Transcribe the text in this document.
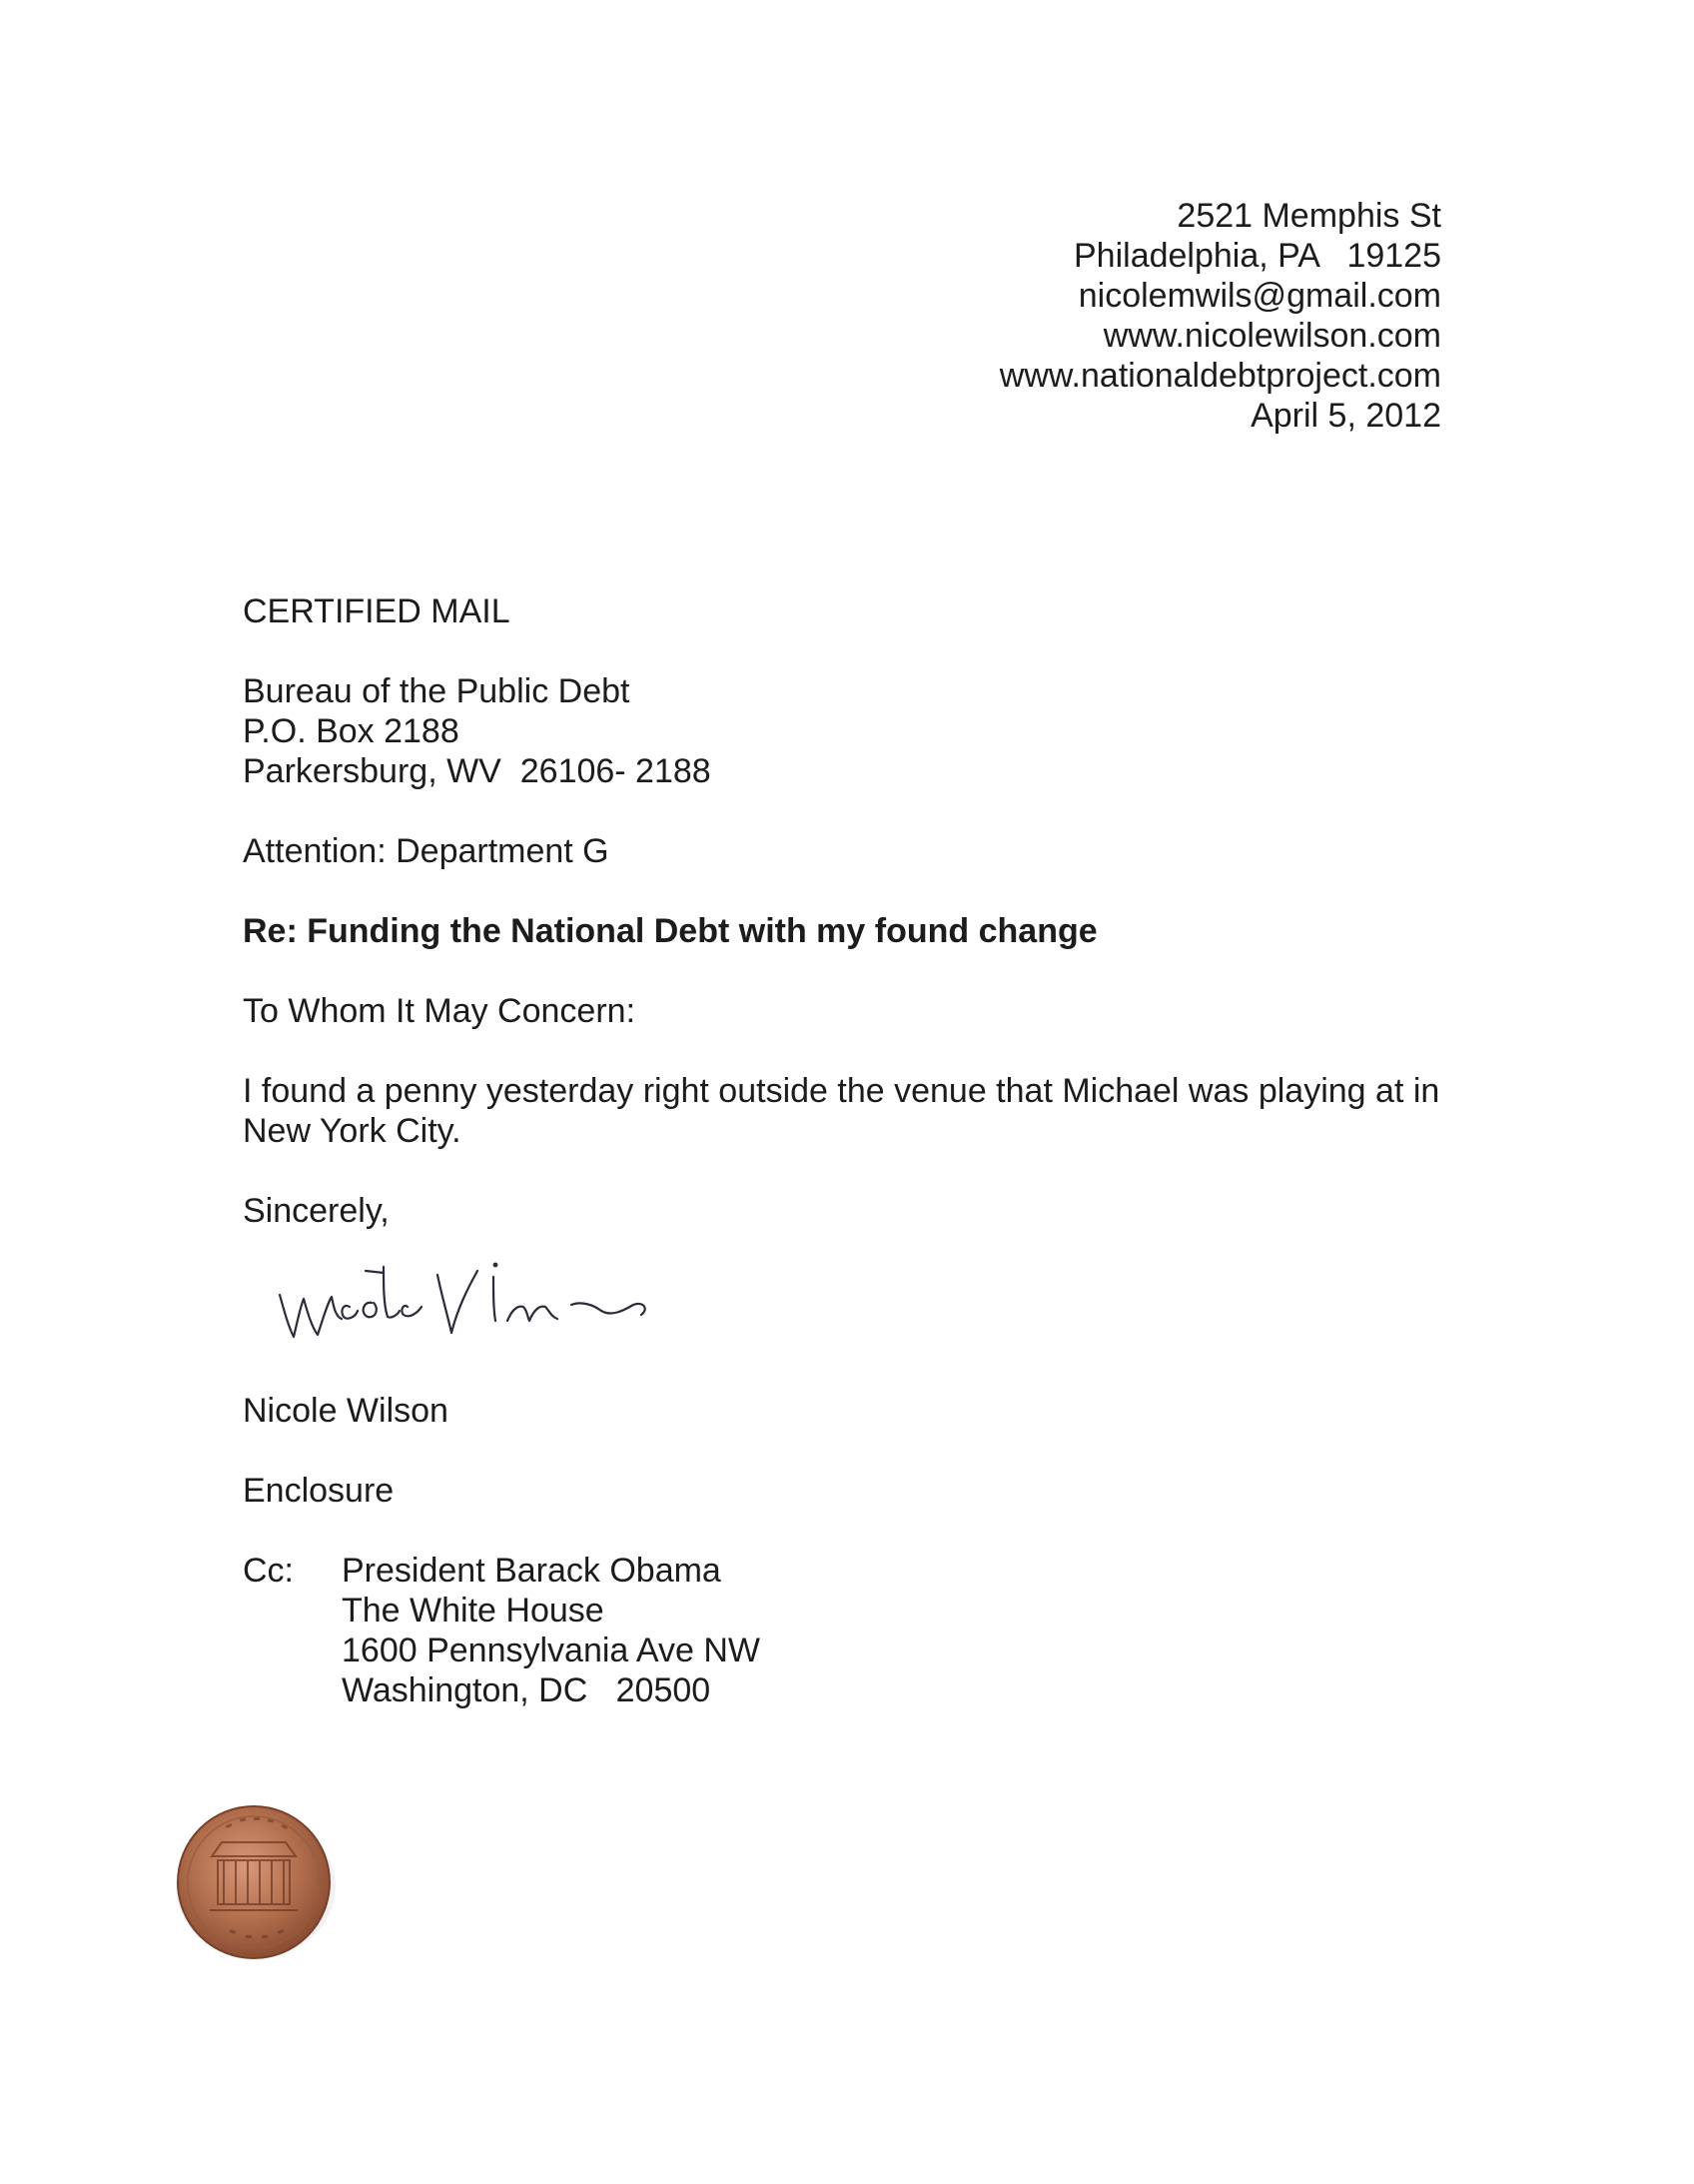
2521 Memphis St
Philadelphia, PA   19125
nicolemwils@gmail.com
www.nicolewilson.com
www.nationaldebtproject.com
April 5, 2012
CERTIFIED MAIL
Bureau of the Public Debt
P.O. Box 2188
Parkersburg, WV  26106- 2188
Attention: Department G
Re: Funding the National Debt with my found change
To Whom It May Concern:
I found a penny yesterday right outside the venue that Michael was playing at in
New York City.
Sincerely,
Nicole Wilson
Enclosure
Cc: President Barack Obama
The White House
1600 Pennsylvania Ave NW
Washington, DC   20500
